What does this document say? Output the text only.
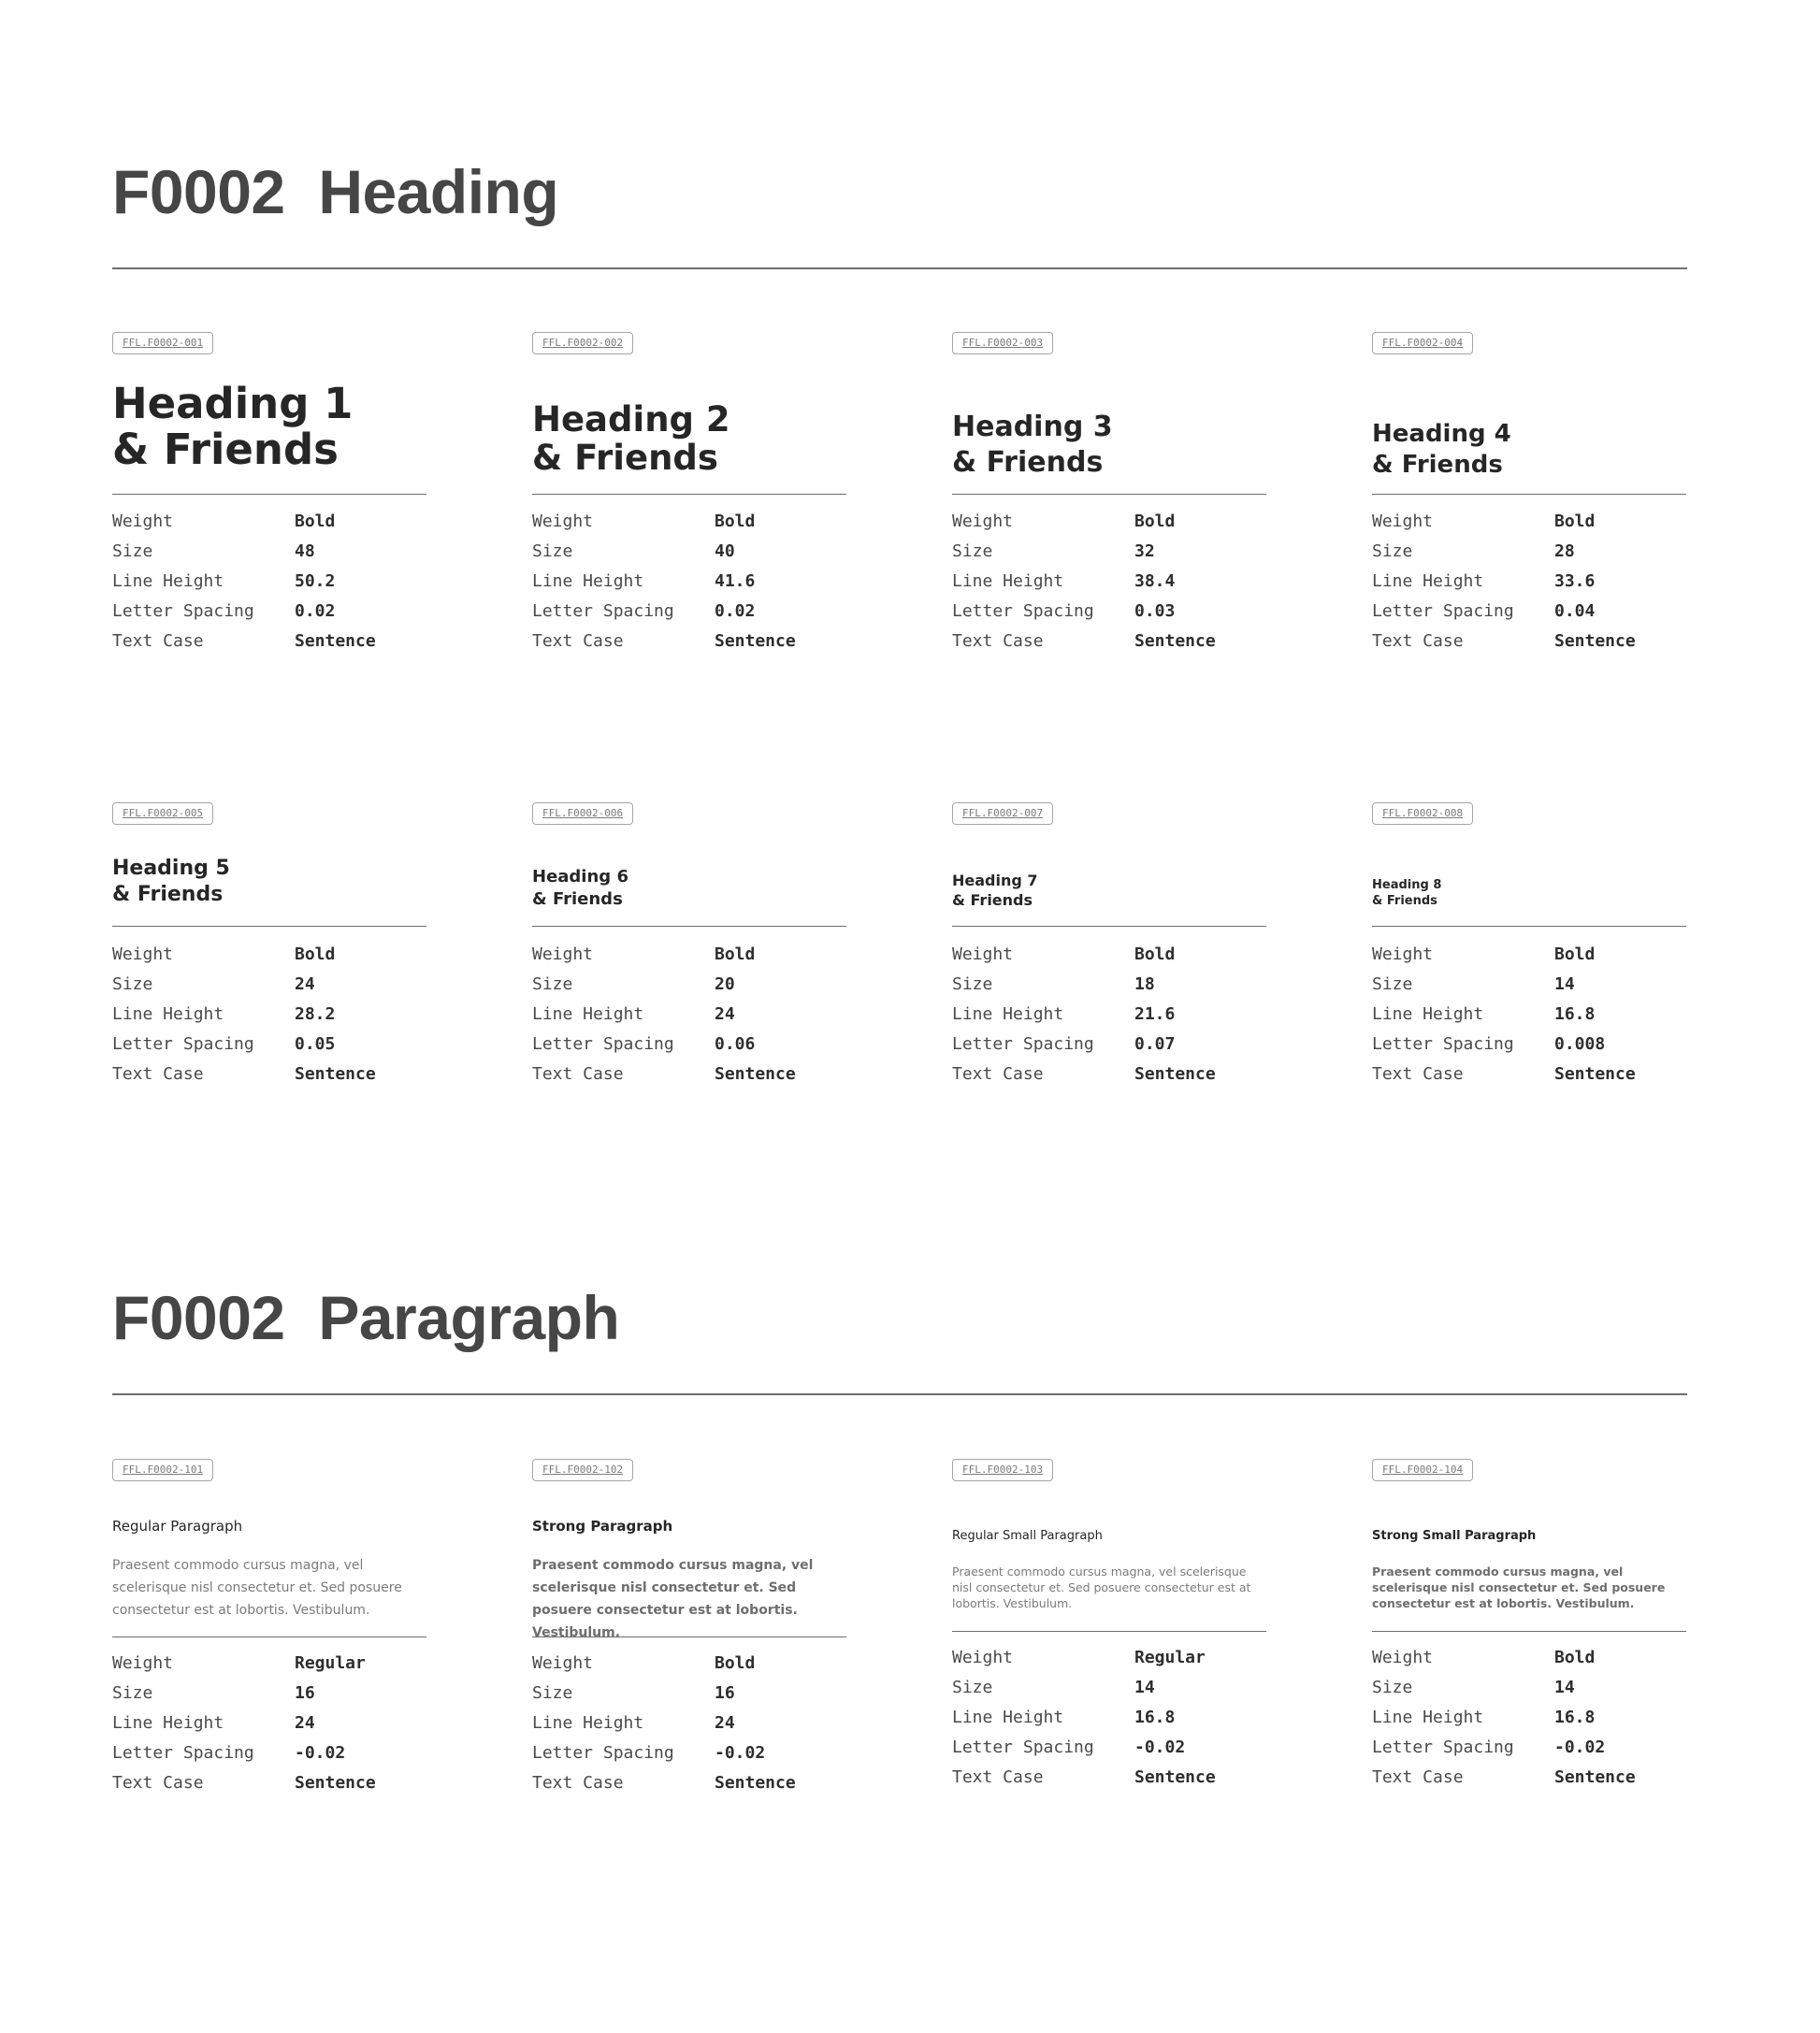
F0002 Heading
FFL.F0002-001
Heading 1
& Friends
Weight	Bold
Size	48
Line Height	50.2
Letter Spacing	0.02
Text Case	Sentence
FFL.F0002-002
Heading 2
& Friends
Weight	Bold
Size	40
Line Height	41.6
Letter Spacing	0.02
Text Case	Sentence
FFL.F0002-003
Heading 3
& Friends
Weight	Bold
Size	32
Line Height	38.4
Letter Spacing	0.03
Text Case	Sentence
FFL.F0002-004
Heading 4
& Friends
Weight	Bold
Size	28
Line Height	33.6
Letter Spacing	0.04
Text Case	Sentence
FFL.F0002-005
Heading 5
& Friends
Weight	Bold
Size	24
Line Height	28.2
Letter Spacing	0.05
Text Case	Sentence
FFL.F0002-006
Heading 6
& Friends
Weight	Bold
Size	20
Line Height	24
Letter Spacing	0.06
Text Case	Sentence
FFL.F0002-007
Heading 7
& Friends
Weight	Bold
Size	18
Line Height	21.6
Letter Spacing	0.07
Text Case	Sentence
FFL.F0002-008
Heading 8
& Friends
Weight	Bold
Size	14
Line Height	16.8
Letter Spacing	0.008
Text Case	Sentence
F0002 Paragraph
FFL.F0002-101
Regular Paragraph

Praesent commodo cursus magna, vel scelerisque nisl consectetur et. Sed posuere consectetur est at lobortis. Vestibulum.

Weight	Regular
Size	16
Line Height	24
Letter Spacing	-0.02
Text Case	Sentence
FFL.F0002-102
Strong Paragraph

Praesent commodo cursus magna, vel scelerisque nisl consectetur et. Sed posuere consectetur est at lobortis. Vestibulum.

Weight	Bold
Size	16
Line Height	24
Letter Spacing	-0.02
Text Case	Sentence
FFL.F0002-103
Regular Small Paragraph

Praesent commodo cursus magna, vel scelerisque nisl consectetur et. Sed posuere consectetur est at lobortis. Vestibulum.

Weight	Regular
Size	14
Line Height	16.8
Letter Spacing	-0.02
Text Case	Sentence
FFL.F0002-104
Strong Small Paragraph

Praesent commodo cursus magna, vel scelerisque nisl consectetur et. Sed posuere consectetur est at lobortis. Vestibulum.

Weight	Bold
Size	14
Line Height	16.8
Letter Spacing	-0.02
Text Case	Sentence
